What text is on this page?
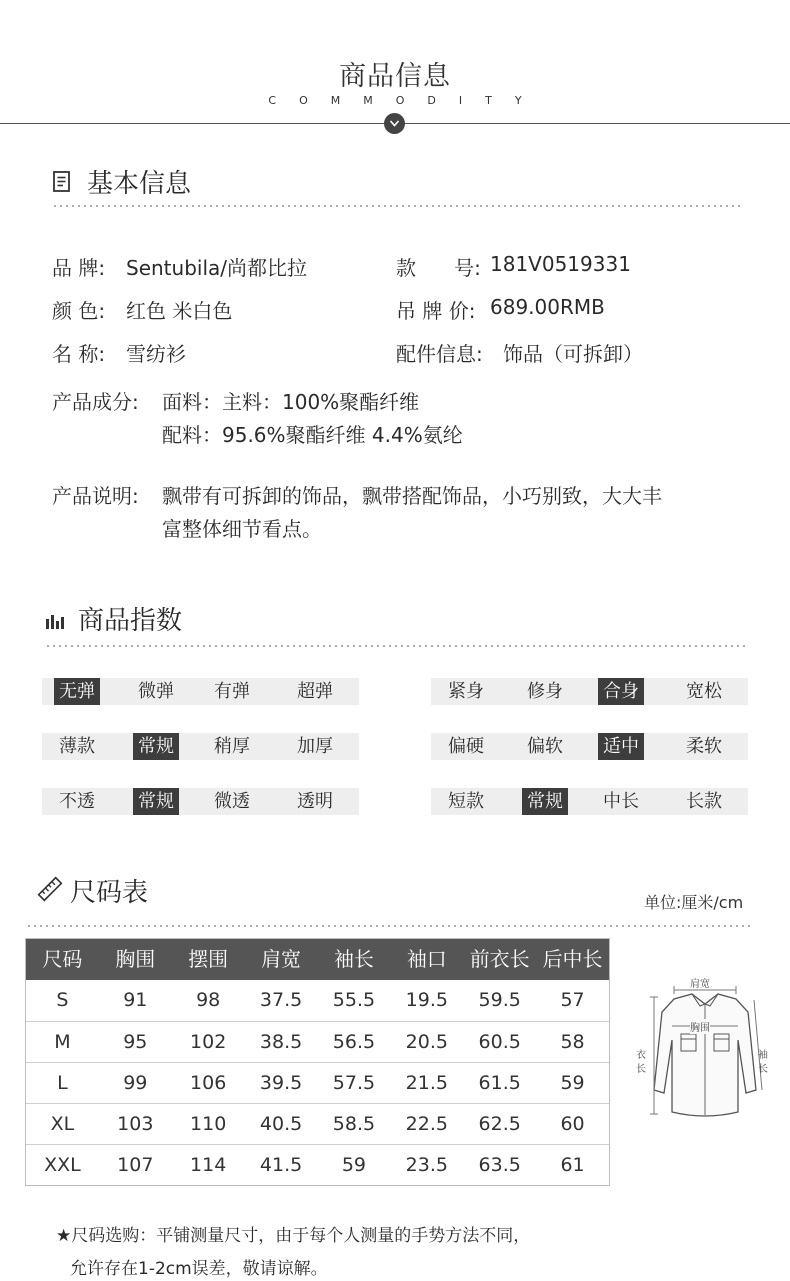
商品信息
COMMODITY
基本信息
品 牌: Sentubila/尚都比拉	款      号: 181V0519331
颜 色: 红色 米白色	吊 牌 价: 689.00RMB
名 称: 雪纺衫	配件信息: 饰品（可拆卸）
产品成分: 面料：主料：100%聚酯纤维
配料：95.6%聚酯纤维 4.4%氨纶
产品说明: 飘带有可拆卸的饰品，飘带搭配饰品，小巧别致，大大丰
富整体细节看点。
商品指数
无弹 微弹 有弹	超弹	紧身 修身 合身	宽松
薄款 常规 稍厚	加厚	偏硬 偏软 适中	柔软
不透 常规 微透	透明	短款 常规 中长	长款
尺码表	单位:厘米/cm
尺码	胸围	摆围	肩宽	袖长	袖口	前衣长 后中长
S	91	98	37.5	55.5	19.5	59.5	57
M	95	102	38.5	56.5	20.5	60.5	58
L	99	106	39.5	57.5	21.5	61.5	59
XL	103	110	40.5	58.5	22.5	62.5	60
XXL	107	114	41.5	59	23.5	63.5	61
肩宽
胸围
衣
长
袖
长
★尺码选购：平铺测量尺寸，由于每个人测量的手势方法不同，
允许存在1-2cm误差，敬请谅解。
